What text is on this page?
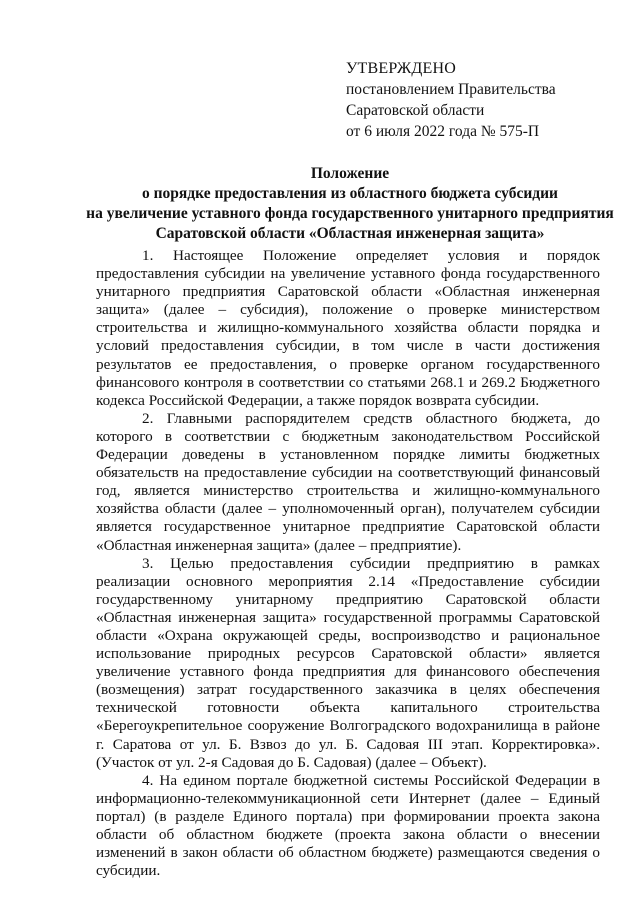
УТВЕРЖДЕНО
постановлением Правительства
Саратовской области
от 6 июля 2022 года № 575-П
Положение
о порядке предоставления из областного бюджета субсидии
на увеличение уставного фонда государственного унитарного предприятия
Саратовской области «Областная инженерная защита»

1. Настоящее Положение определяет условия и порядок предоставления субсидии на увеличение уставного фонда государственного унитарного предприятия Саратовской области «Областная инженерная защита» (далее – субсидия), положение о проверке министерством строительства и жилищно-коммунального хозяйства области порядка и условий предоставления субсидии, в том числе в части достижения результатов ее предоставления, о проверке органом государственного финансового контроля в соответствии со статьями 268.1 и 269.2 Бюджетного кодекса Российской Федерации, а также порядок возврата субсидии.

2. Главными распорядителем средств областного бюджета, до которого в соответствии с бюджетным законодательством Российской Федерации доведены в установленном порядке лимиты бюджетных обязательств на предоставление субсидии на соответствующий финансовый год, является министерство строительства и жилищно-коммунального хозяйства области (далее – уполномоченный орган), получателем субсидии является государственное унитарное предприятие Саратовской области «Областная инженерная защита» (далее – предприятие).

3. Целью предоставления субсидии предприятию в рамках реализации основного мероприятия 2.14 «Предоставление субсидии государственному унитарному предприятию Саратовской области «Областная инженерная защита» государственной программы Саратовской области «Охрана окружающей среды, воспроизводство и рациональное использование природных ресурсов Саратовской области» является увеличение уставного фонда предприятия для финансового обеспечения (возмещения) затрат государственного заказчика в целях обеспечения технической готовности объекта капитального строительства «Берегоукрепительное сооружение Волгоградского водохранилища в районе г. Саратова от ул. Б. Взвоз до ул. Б. Садовая III этап. Корректировка». (Участок от ул. 2-я Садовая до Б. Садовая) (далее – Объект).

4. На едином портале бюджетной системы Российской Федерации в информационно-телекоммуникационной сети Интернет (далее – Единый портал) (в разделе Единого портала) при формировании проекта закона области об областном бюджете (проекта закона области о внесении изменений в закон области об областном бюджете) размещаются сведения о субсидии.
